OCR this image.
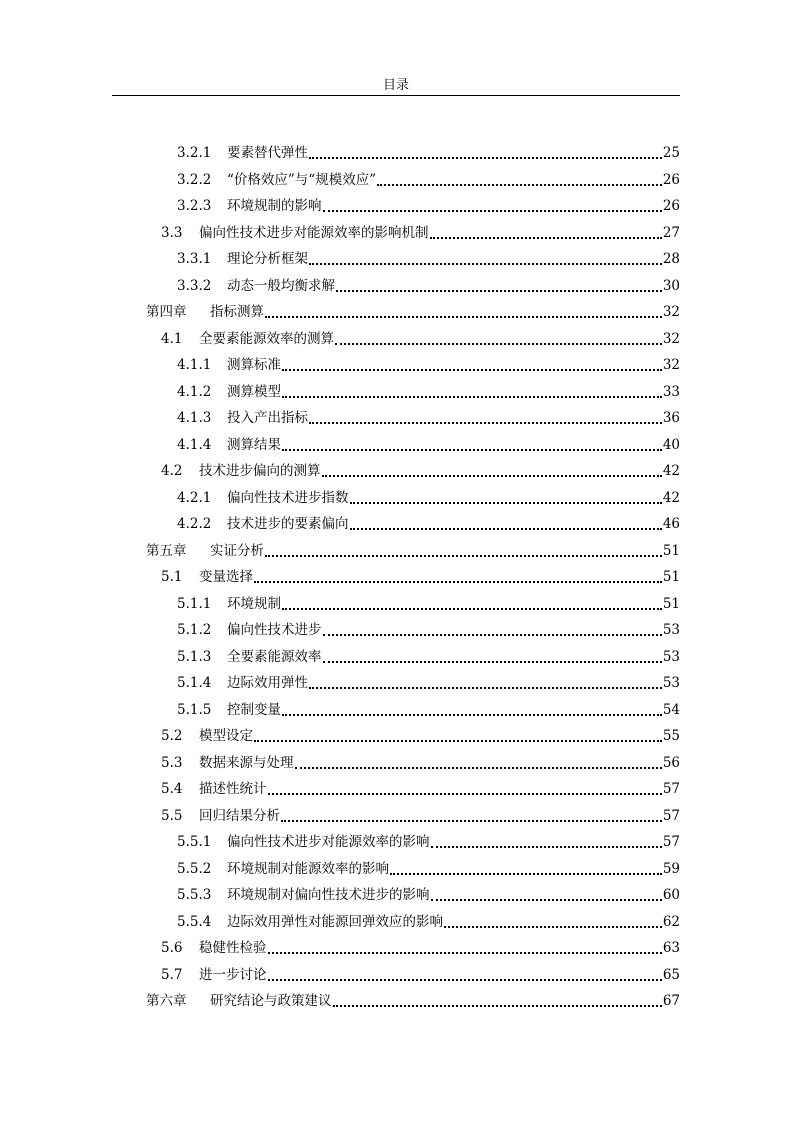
目录
3.2.1	要素替代弹性	25
3.2.2	“价格效应”与“规模效应”	26
3.2.3	环境规制的影响	26
3.3	偏向性技术进步对能源效率的影响机制	27
3.3.1	理论分析框架	28
3.3.2	动态一般均衡求解	30
第四章	指标测算	32
4.1	全要素能源效率的测算	32
4.1.1	测算标准	32
4.1.2	测算模型	33
4.1.3	投入产出指标	36
4.1.4	测算结果	40
4.2	技术进步偏向的测算	42
4.2.1	偏向性技术进步指数	42
4.2.2	技术进步的要素偏向	46
第五章	实证分析	51
5.1	变量选择	51
5.1.1	环境规制	51
5.1.2	偏向性技术进步	53
5.1.3	全要素能源效率	53
5.1.4	边际效用弹性	53
5.1.5	控制变量	54
5.2	模型设定	55
5.3	数据来源与处理	56
5.4	描述性统计	57
5.5	回归结果分析	57
5.5.1	偏向性技术进步对能源效率的影响	57
5.5.2	环境规制对能源效率的影响	59
5.5.3	环境规制对偏向性技术进步的影响	60
5.5.4	边际效用弹性对能源回弹效应的影响	62
5.6	稳健性检验	63
5.7	进一步讨论	65
第六章	研究结论与政策建议	67
